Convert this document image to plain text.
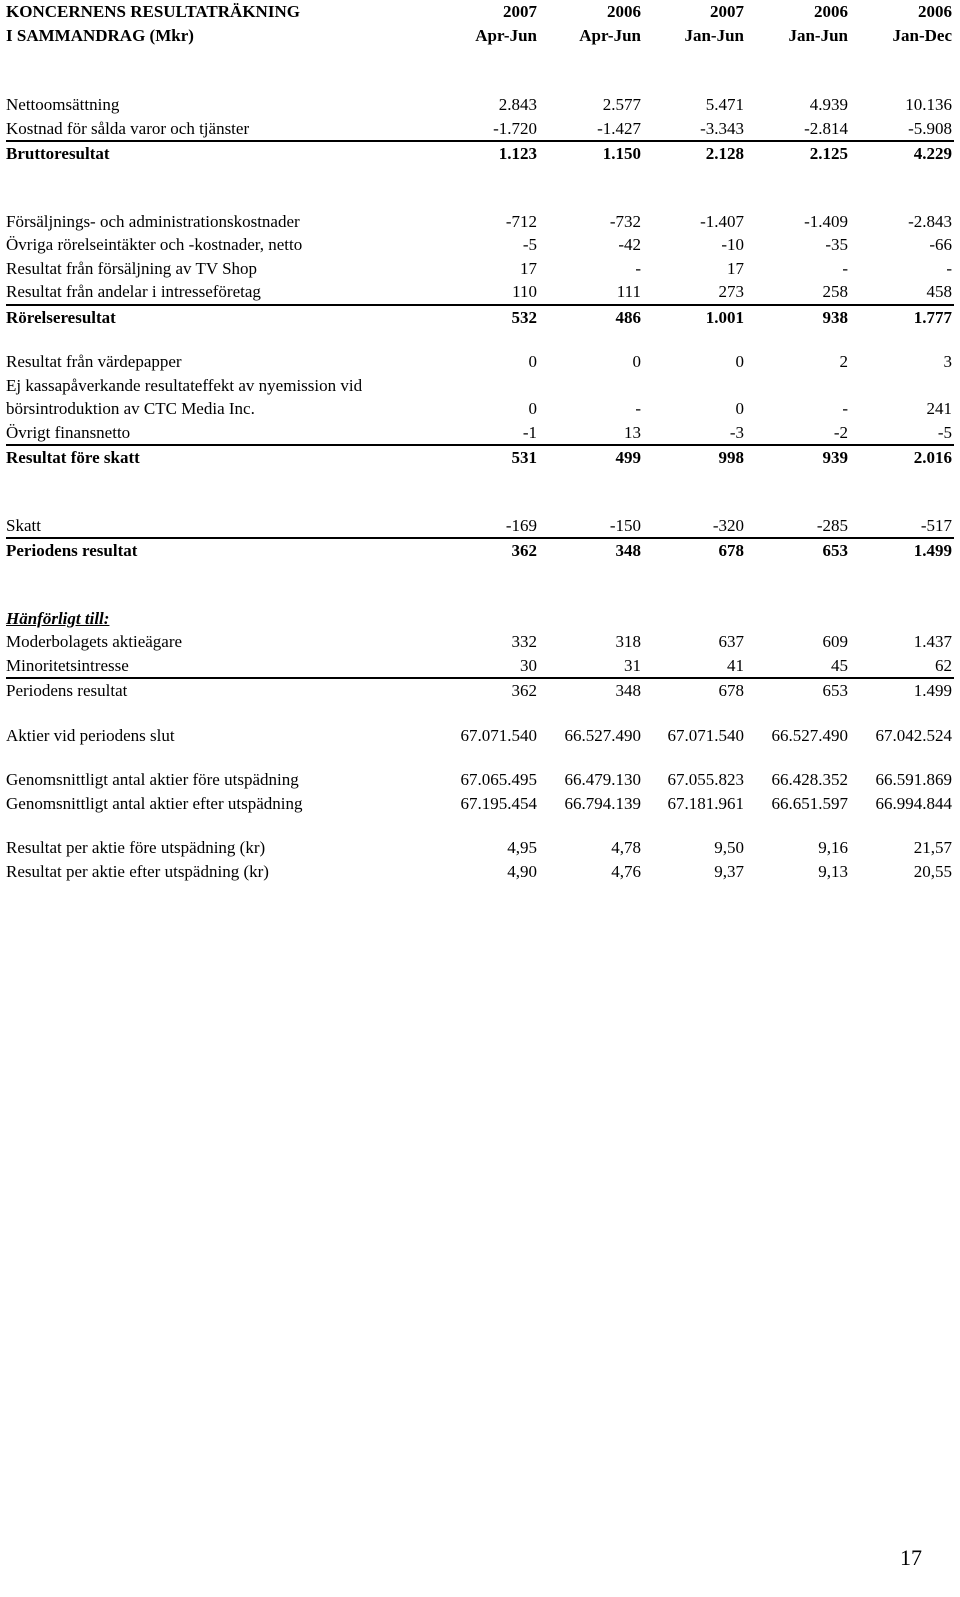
KONCERNENS RESULTATRÄKNING	2007	2006	2007	2006	2006
I SAMMANDRAG (Mkr)	Apr-Jun	Apr-Jun	Jan-Jun	Jan-Jun	Jan-Dec
Nettoomsättning	2.843	2.577	5.471	4.939	10.136
Kostnad för sålda varor och tjänster	-1.720	-1.427	-3.343	-2.814	-5.908
Bruttoresultat	1.123	1.150	2.128	2.125	4.229
Försäljnings- och administrationskostnader	-712	-732	-1.407	-1.409	-2.843
Övriga rörelseintäkter och -kostnader, netto	-5	-42	-10	-35	-66
Resultat från försäljning av TV Shop	17	-	17	-	-
Resultat från andelar i intresseföretag	110	111	273	258	458
Rörelseresultat	532	486	1.001	938	1.777
Resultat från värdepapper	0	0	0	2	3
Ej kassapåverkande resultateffekt av nyemission vid
börsintroduktion av CTC Media Inc.	0	-	0	-	241
Övrigt finansnetto	-1	13	-3	-2	-5
Resultat före skatt	531	499	998	939	2.016
Skatt	-169	-150	-320	-285	-517
Periodens resultat	362	348	678	653	1.499
Hänförligt till:
Moderbolagets aktieägare	332	318	637	609	1.437
Minoritetsintresse	30	31	41	45	62
Periodens resultat	362	348	678	653	1.499
Aktier vid periodens slut	67.071.540	66.527.490	67.071.540	66.527.490	67.042.524
Genomsnittligt antal aktier före utspädning	67.065.495	66.479.130	67.055.823	66.428.352	66.591.869
Genomsnittligt antal aktier efter utspädning	67.195.454	66.794.139	67.181.961	66.651.597	66.994.844
Resultat per aktie före utspädning (kr)	4,95	4,78	9,50	9,16	21,57
Resultat per aktie efter utspädning (kr)	4,90	4,76	9,37	9,13	20,55
17
